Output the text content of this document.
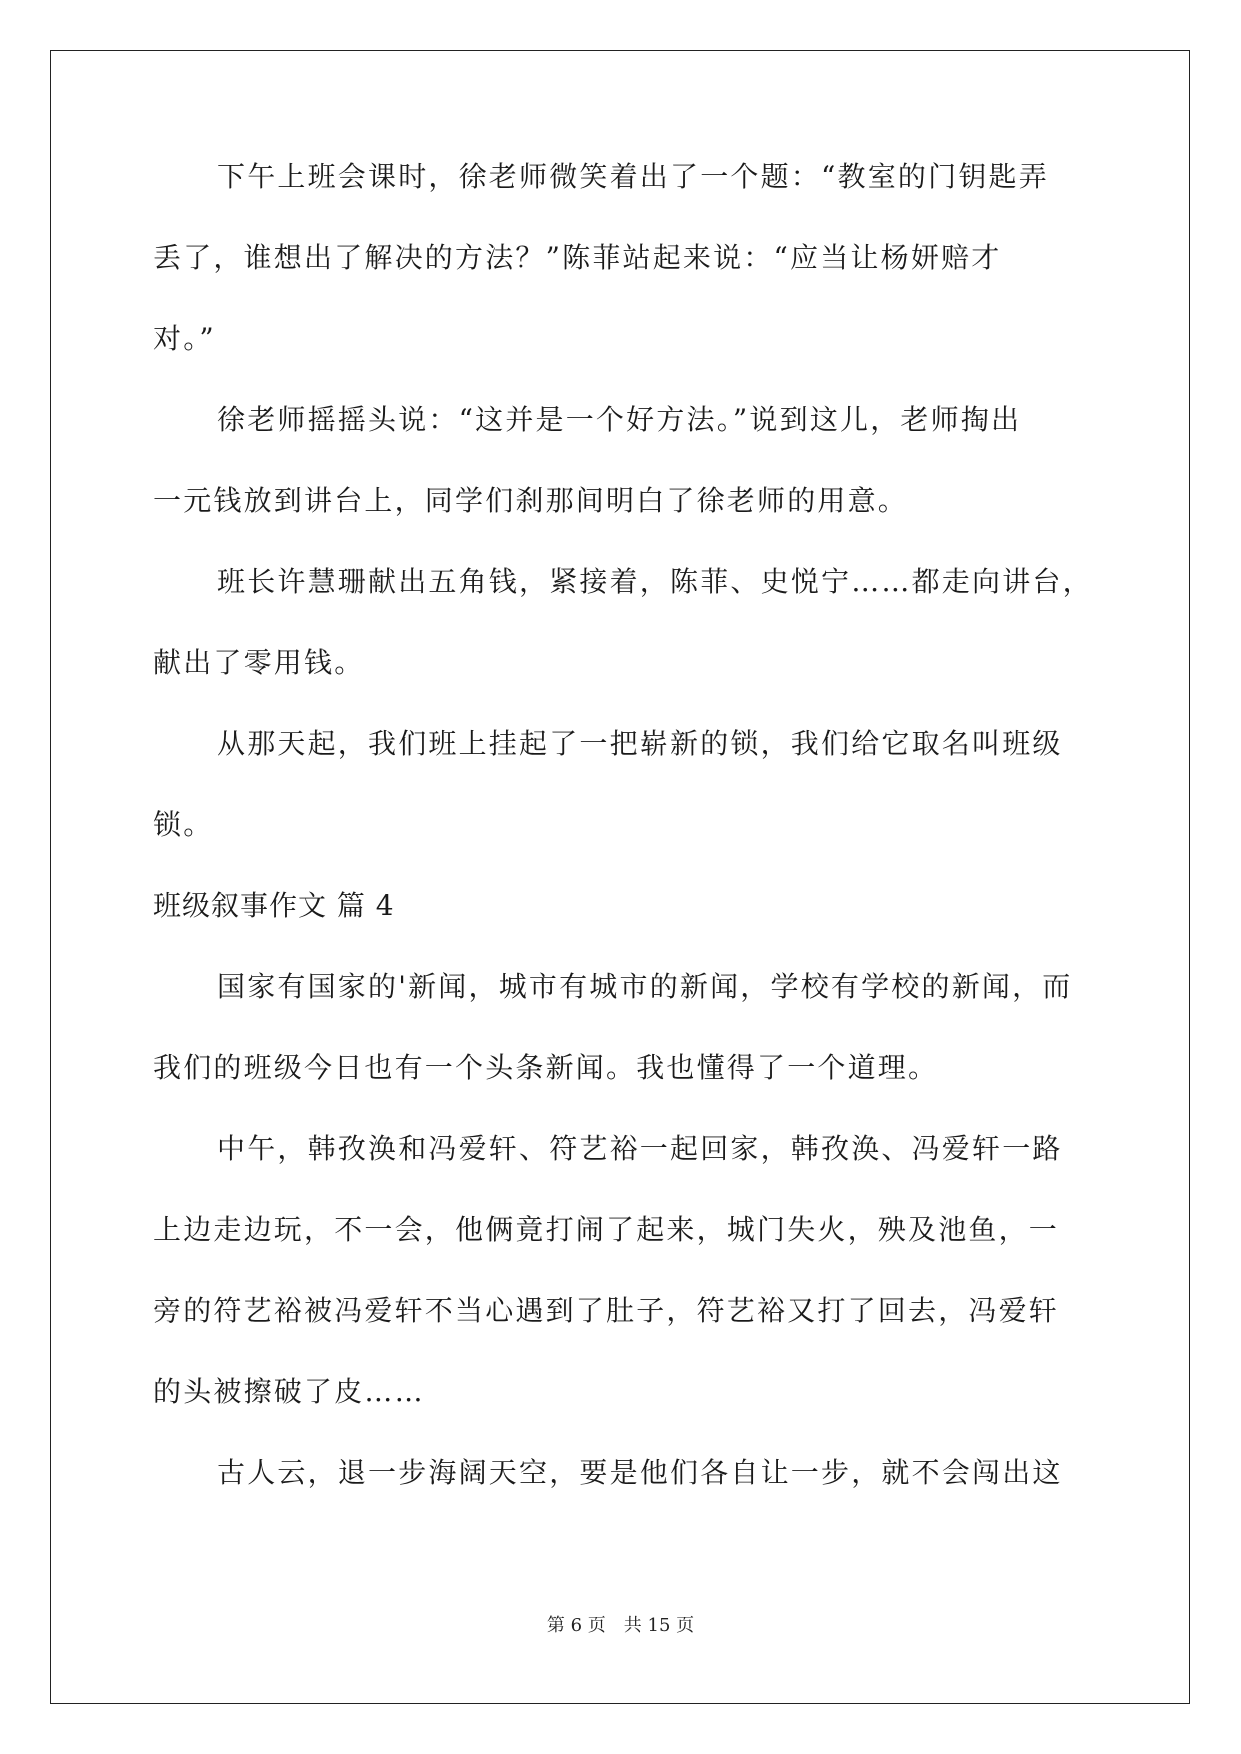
下午上班会课时，徐老师微笑着出了一个题：“教室的门钥匙弄
丢了，谁想出了解决的方法？”陈菲站起来说：“应当让杨妍赔才
对。”
徐老师摇摇头说：“这并是一个好方法。”说到这儿，老师掏出
一元钱放到讲台上，同学们刹那间明白了徐老师的用意。
班长许慧珊献出五角钱，紧接着，陈菲、史悦宁……都走向讲台，
献出了零用钱。
从那天起，我们班上挂起了一把崭新的锁，我们给它取名叫班级
锁。
班级叙事作文 篇 4
国家有国家的'新闻，城市有城市的新闻，学校有学校的新闻，而
我们的班级今日也有一个头条新闻。我也懂得了一个道理。
中午，韩孜涣和冯爱轩、符艺裕一起回家，韩孜涣、冯爱轩一路
上边走边玩，不一会，他俩竟打闹了起来，城门失火，殃及池鱼，一
旁的符艺裕被冯爱轩不当心遇到了肚子，符艺裕又打了回去，冯爱轩
的头被擦破了皮……
古人云，退一步海阔天空，要是他们各自让一步，就不会闯出这
第 6 页　共 15 页
